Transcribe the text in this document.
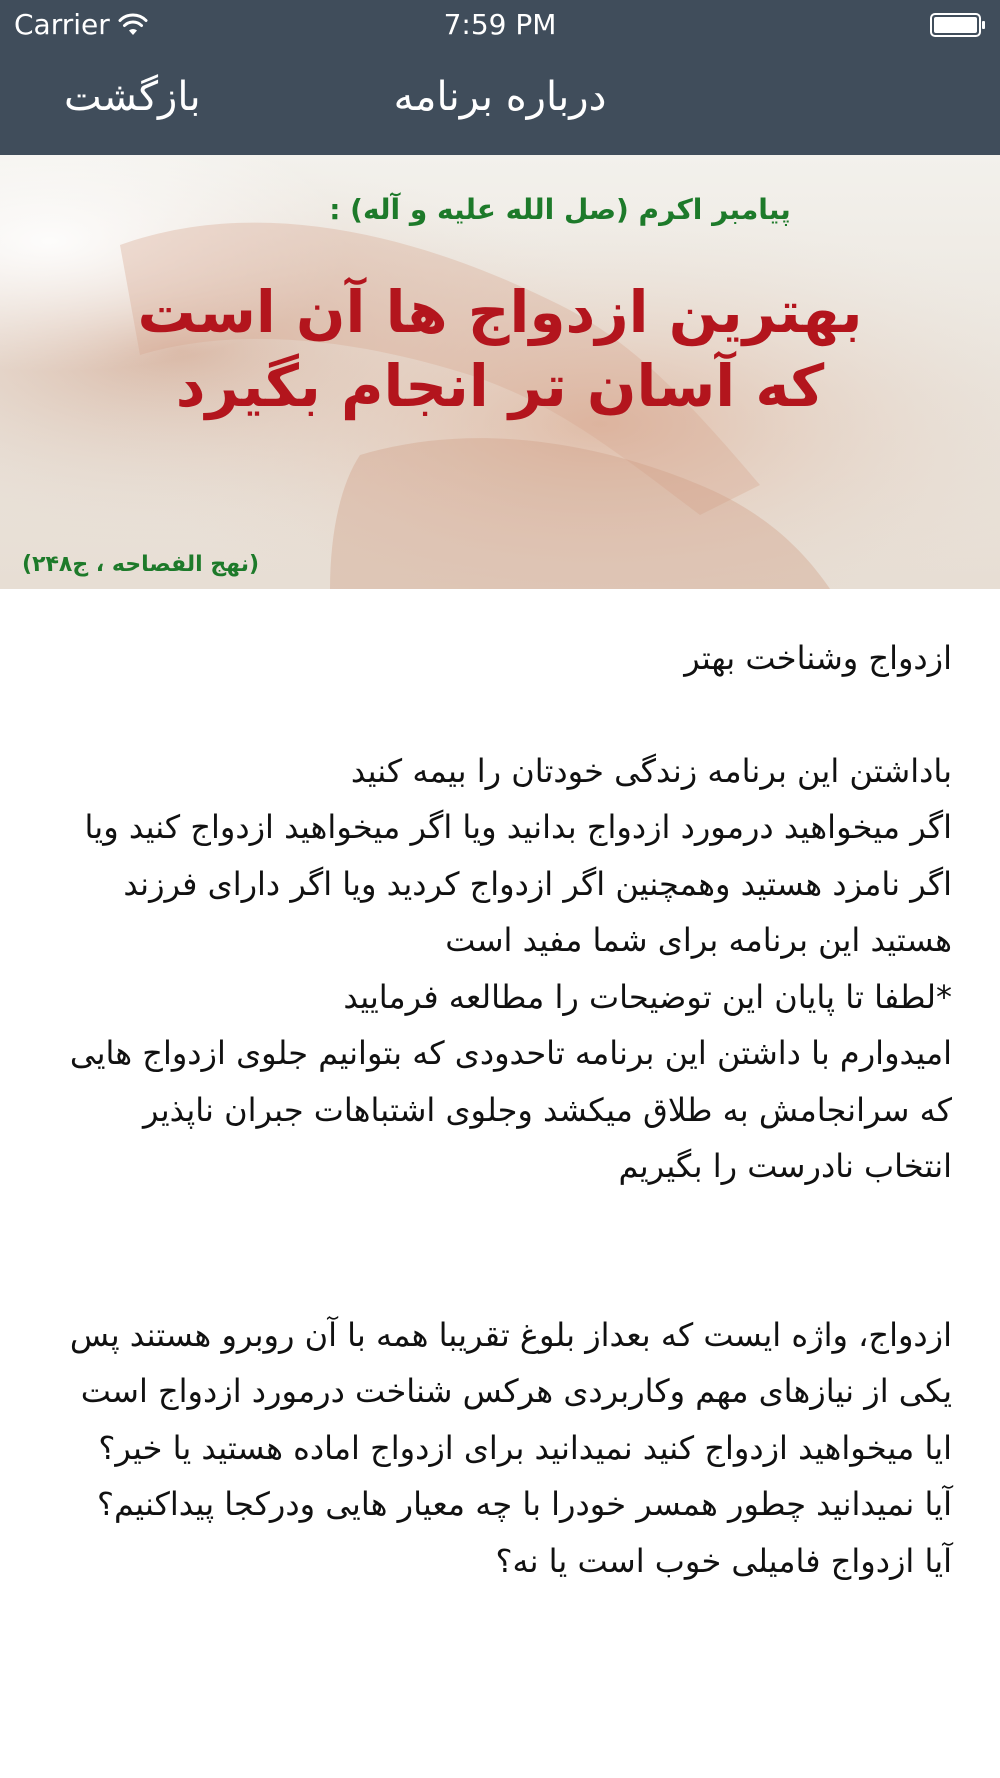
Carrier	7:59 PM
بازگشت	درباره برنامه
پیامبر اکرم (صل الله علیه و آله) :
بهترین ازدواج ها آن است
که آسان تر انجام بگیرد
(نهج الفصاحه ، ج۲۴۸)

ازدواج وشناخت بهتر

باداشتن این برنامه زندگی خودتان را بیمه کنید
اگر میخواهید درمورد ازدواج بدانید ویا اگر میخواهید ازدواج کنید ویا اگر نامزد هستید وهمچنین اگر ازدواج کردید ویا اگر دارای فرزند هستید این برنامه برای شما مفید است
*لطفا تا پایان این توضیحات را مطالعه فرمایید
امیدوارم با داشتن این برنامه تاحدودی که بتوانیم جلوی ازدواج هایی که سرانجامش به طلاق میکشد وجلوی اشتباهات جبران ناپذیر انتخاب نادرست را بگیریم

ازدواج، واژه ایست که بعداز بلوغ تقریبا همه با آن روبرو هستند پس یکی از نیازهای مهم وکاربردی هرکس شناخت درمورد ازدواج است
ایا میخواهید ازدواج کنید نمیدانید برای ازدواج اماده هستید یا خیر؟
آیا نمیدانید چطور همسر خودرا با چه معیار هایی ودرکجا پیداکنیم؟
آیا ازدواج فامیلی خوب است یا نه؟
